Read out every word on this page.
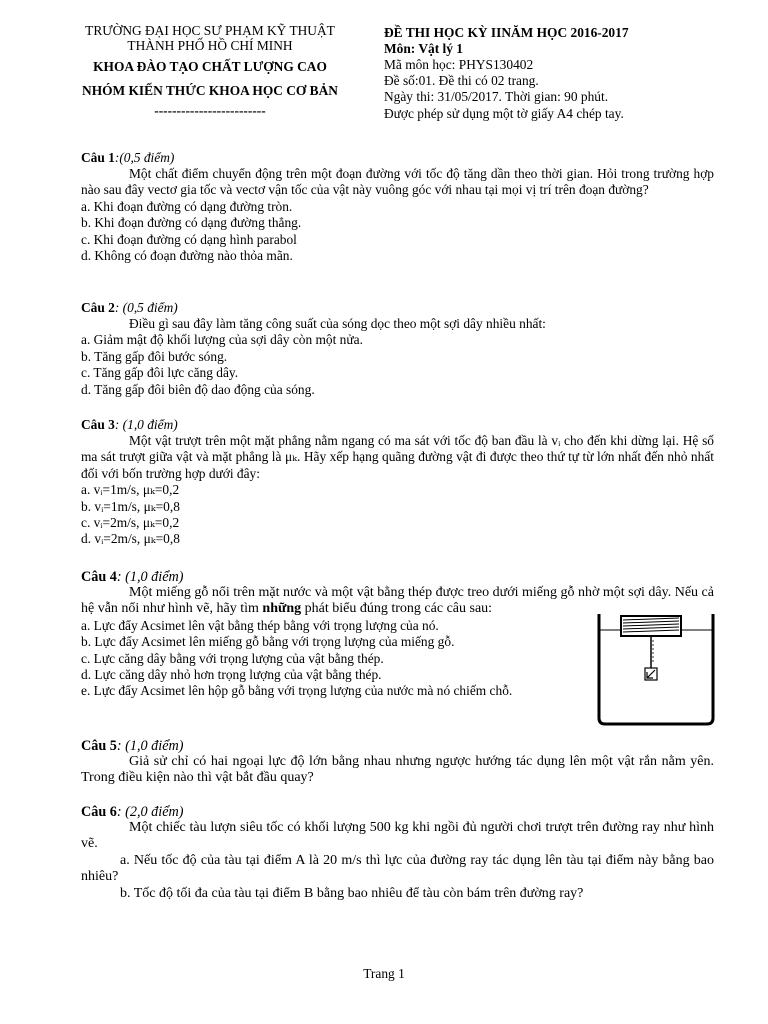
TRƯỜNG ĐẠI HỌC SƯ PHẠM KỸ THUẬT
THÀNH PHỐ HỒ CHÍ MINH
KHOA ĐÀO TẠO CHẤT LƯỢNG CAO
NHÓM KIẾN THỨC KHOA HỌC CƠ BẢN
-------------------------
ĐỀ THI HỌC KỲ IINĂM HỌC 2016-2017
Môn: Vật lý 1
Mã môn học: PHYS130402
Đề số:01. Đề thi có 02 trang.
Ngày thi: 31/05/2017. Thời gian: 90 phút.
Được phép sử dụng một tờ giấy A4 chép tay.
Câu 1:(0,5 điểm)
Một chất điểm chuyển động trên một đoạn đường với tốc độ tăng dần theo thời gian. Hỏi trong trường hợp nào sau đây vectơ gia tốc và vectơ vận tốc của vật này vuông góc với nhau tại mọi vị trí trên đoạn đường?
a. Khi đoạn đường có dạng đường tròn.
b. Khi đoạn đường có dạng đường thẳng.
c. Khi đoạn đường có dạng hình parabol
d. Không có đoạn đường nào thỏa mãn.
Câu 2: (0,5 điểm)
Điều gì sau đây làm tăng công suất của sóng dọc theo một sợi dây nhiều nhất:
a. Giảm mật độ khối lượng của sợi dây còn một nửa.
b. Tăng gấp đôi bước sóng.
c. Tăng gấp đôi lực căng dây.
d. Tăng gấp đôi biên độ dao động của sóng.
Câu 3: (1,0 điểm)
Một vật trượt trên một mặt phẳng nằm ngang có ma sát với tốc độ ban đầu là vᵢ cho đến khi dừng lại. Hệ số ma sát trượt giữa vật và mặt phẳng là μₖ. Hãy xếp hạng quãng đường vật đi được theo thứ tự từ lớn nhất đến nhỏ nhất đối với bốn trường hợp dưới đây:
a. vᵢ=1m/s, μₖ=0,2
b. vᵢ=1m/s, μₖ=0,8
c. vᵢ=2m/s, μₖ=0,2
d. vᵢ=2m/s, μₖ=0,8
Câu 4: (1,0 điểm)
Một miếng gỗ nổi trên mặt nước và một vật bằng thép được treo dưới miếng gỗ nhờ một sợi dây. Nếu cả hệ vẫn nổi như hình vẽ, hãy tìm những phát biểu đúng trong các câu sau:
a. Lực đẩy Acsimet lên vật bằng thép bằng với trọng lượng của nó.
b. Lực đẩy Acsimet lên miếng gỗ bằng với trọng lượng của miếng gỗ.
c. Lực căng dây bằng với trọng lượng của vật bằng thép.
d. Lực căng dây nhỏ hơn trọng lượng của vật bằng thép.
e. Lực đẩy Acsimet lên hộp gỗ bằng với trọng lượng của nước mà nó chiếm chỗ.
Câu 5: (1,0 điểm)
Giả sử chỉ có hai ngoại lực độ lớn bằng nhau nhưng ngược hướng tác dụng lên một vật rắn nằm yên. Trong điều kiện nào thì vật bắt đầu quay?
Câu 6: (2,0 điểm)
Một chiếc tàu lượn siêu tốc có khối lượng 500 kg khi ngồi đủ người chơi trượt trên đường ray như hình vẽ.
a. Nếu tốc độ của tàu tại điểm A là 20 m/s thì lực của đường ray tác dụng lên tàu tại điểm này bằng bao nhiêu?
b. Tốc độ tối đa của tàu tại điểm B bằng bao nhiêu để tàu còn bám trên đường ray?
Trang 1
